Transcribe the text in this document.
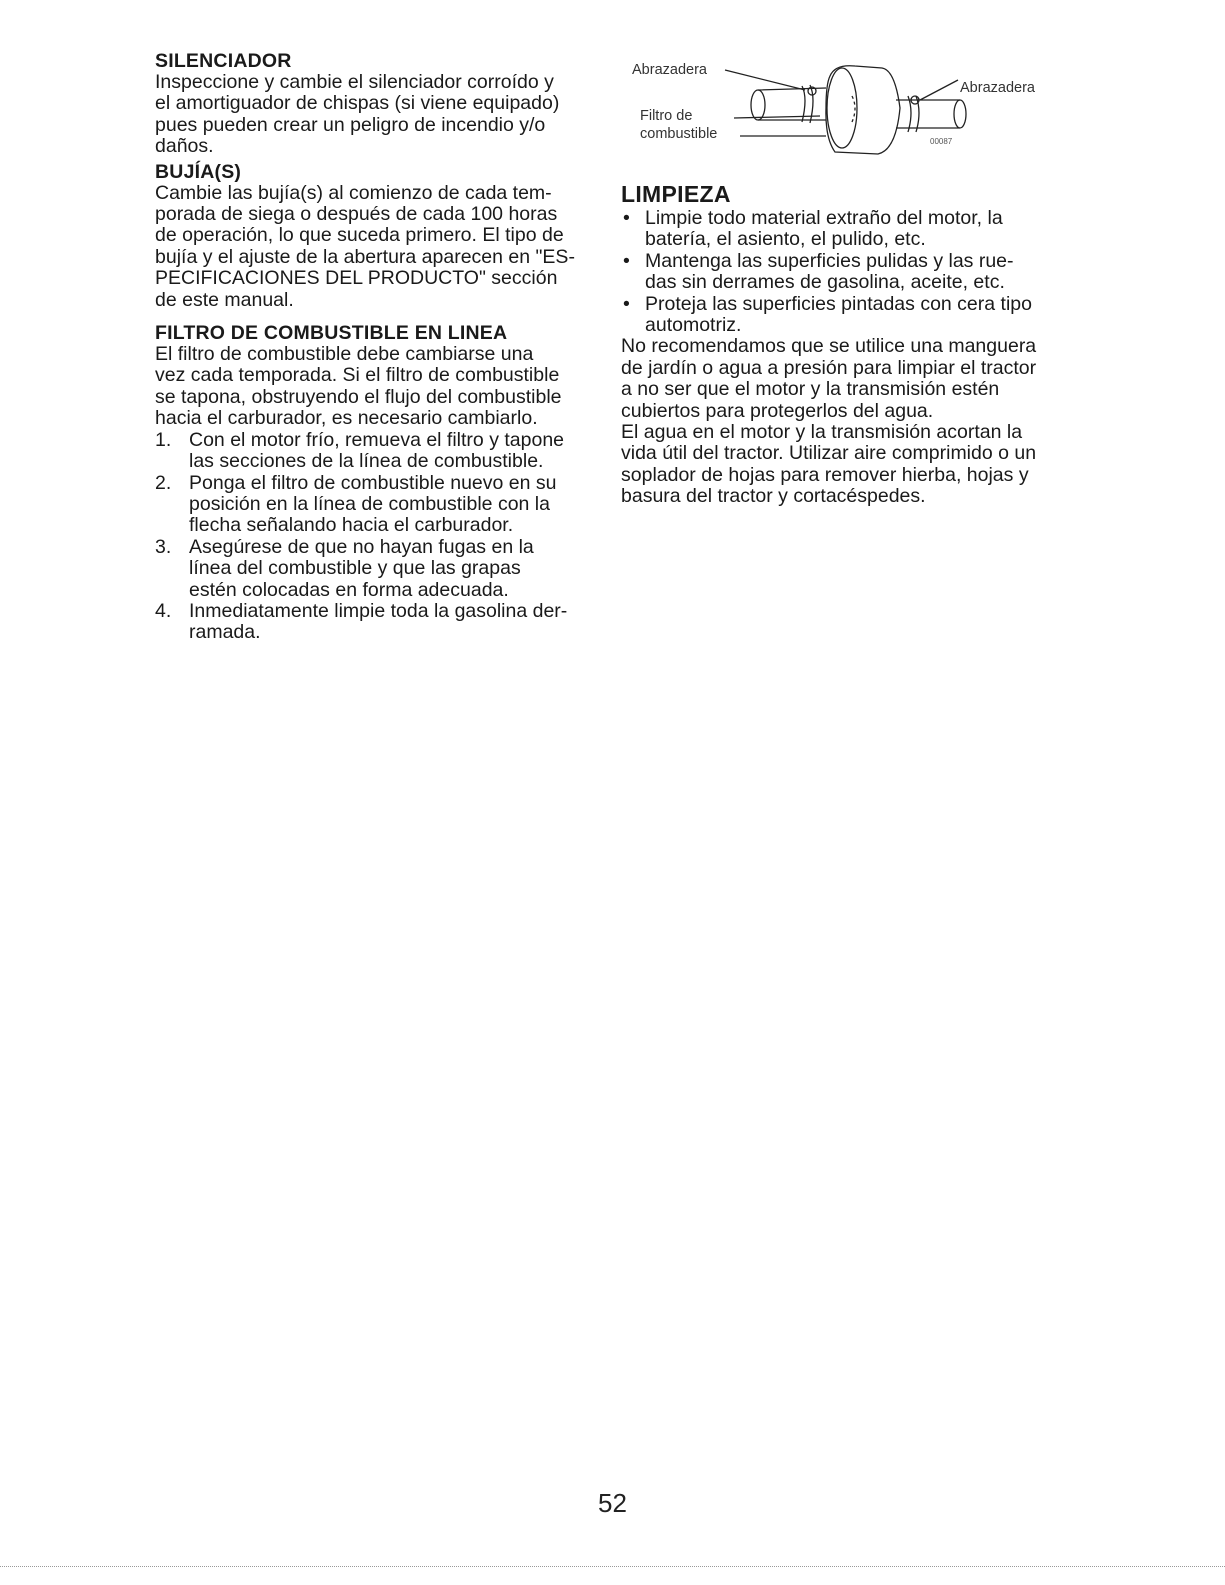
SILENCIADOR

Inspeccione y cambie el silenciador corroído y
el amortiguador de chispas (si viene equipado)
pues pueden crear un peligro de incendio y/o
daños.

BUJÍA(S)

Cambie las bujía(s) al comienzo de cada tem-
porada de siega o después de cada 100 horas
de operación, lo que suceda primero. El tipo de
bujía y el ajuste de la abertura aparecen en "ES-
PECIFICACIONES DEL PRODUCTO" sección
de este manual.

FILTRO DE COMBUSTIBLE EN LINEA

El filtro de combustible debe cambiarse una
vez cada temporada. Si el filtro de combustible
se tapona, obstruyendo el flujo del combustible
hacia el carburador, es necesario cambiarlo.

1. Con el motor frío, remueva el filtro y tapone
las secciones de la línea de combustible.
2. Ponga el filtro de combustible nuevo en su
posición en la línea de combustible con la
flecha señalando hacia el carburador.
3. Asegúrese de que no hayan fugas en la
línea del combustible y que las grapas
estén colocadas en forma adecuada.
4. Inmediatamente limpie toda la gasolina der-
ramada.
00087
Abrazadera
Abrazadera
Filtro de
combustible
LIMPIEZA
• Limpie todo material extraño del motor, la
batería, el asiento, el pulido, etc.
• Mantenga las superficies pulidas y las rue-
das sin derrames de gasolina, aceite, etc.
• Proteja las superficies pintadas con cera tipo
automotriz.

No recomendamos que se utilice una manguera
de jardín o agua a presión para limpiar el tractor
a no ser que el motor y la transmisión estén
cubiertos para protegerlos del agua.

El agua en el motor y la transmisión acortan la
vida útil del tractor. Utilizar aire comprimido o un
soplador de hojas para remover hierba, hojas y
basura del tractor y cortacéspedes.

52
